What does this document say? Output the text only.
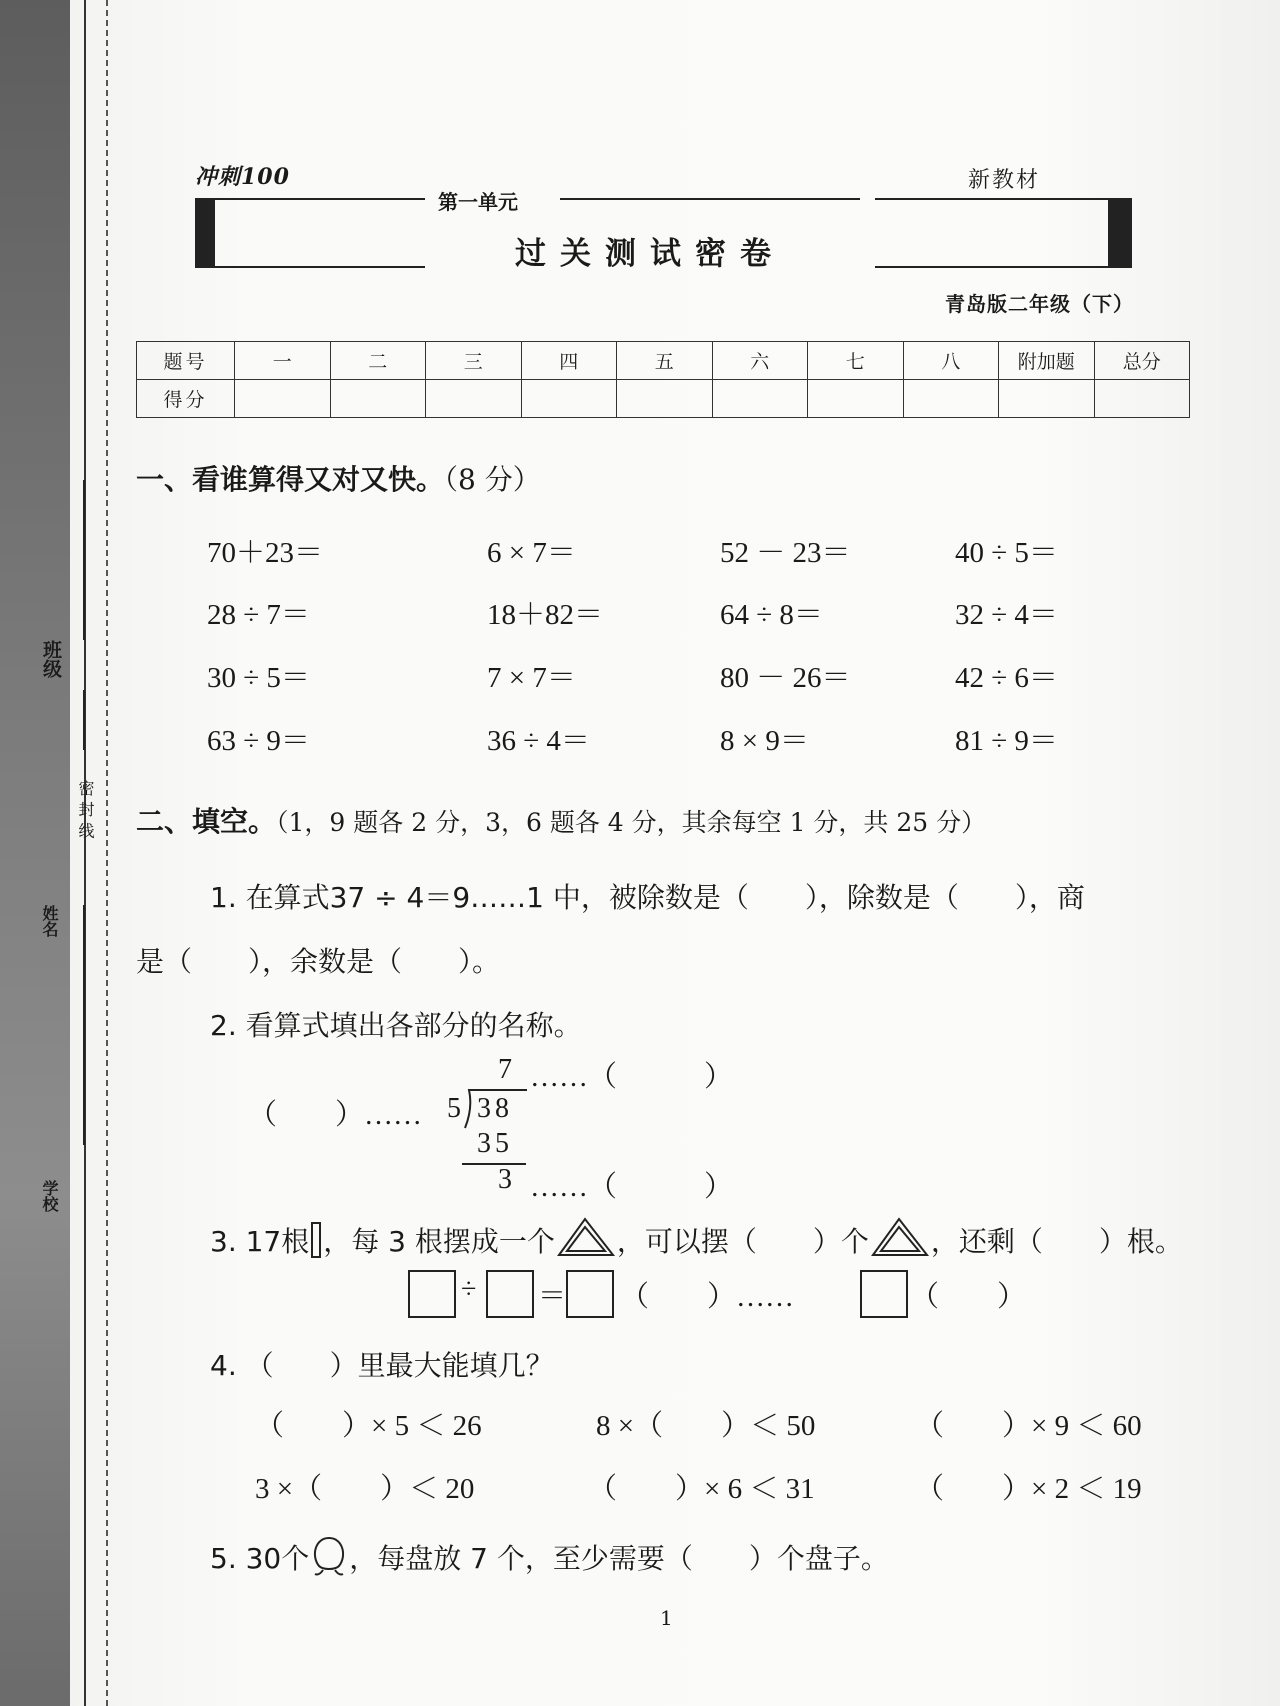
班级
密 封 线
姓名
学校
冲刺100
第一单元
新教材
过关测试密卷
青岛版二年级（下）
题号	一	二	三	四	五	六	七	八	附加题	总分
得分										
一、看谁算得又对又快。（8 分）
70＋23＝	6 × 7＝	52 － 23＝	40 ÷ 5＝
28 ÷ 7＝	18＋82＝	64 ÷ 8＝	32 ÷ 4＝
30 ÷ 5＝	7 × 7＝	80 － 26＝	42 ÷ 6＝
63 ÷ 9＝	36 ÷ 4＝	8 × 9＝	81 ÷ 9＝
二、填空。（1，9 题各 2 分，3，6 题各 4 分，其余每空 1 分，共 25 分）
1. 在算式37 ÷ 4＝9……1 中，被除数是（　　），除数是（　　），商
是（　　），余数是（　　）。
2. 看算式填出各部分的名称。
7 ……（　　　）
（　　）…… 5 38
35
3 ……（　　　）
3. 17根 ，每 3 根摆成一个 ，可以摆（　　）个 ，还剩（　　）根。
÷ ＝ （　　）……	（　　）
4. （　　）里最大能填几？
（　　）× 5 ＜ 26	8 ×（　　）＜ 50	（　　）× 9 ＜ 60
3 ×（　　）＜ 20	（　　）× 6 ＜ 31	（　　）× 2 ＜ 19
5. 30个 ，每盘放 7 个，至少需要（　　）个盘子。
1
